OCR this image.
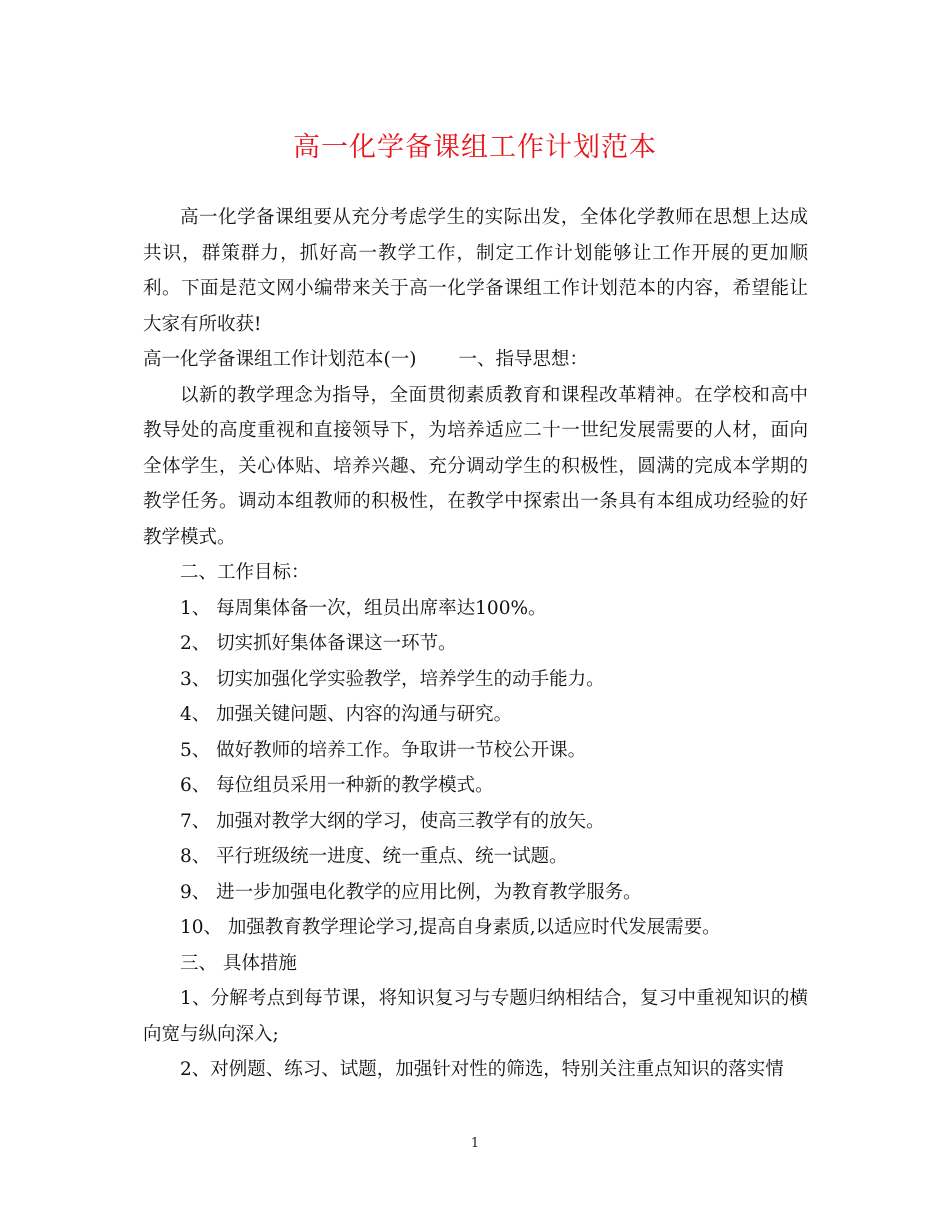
高一化学备课组工作计划范本

高一化学备课组要从充分考虑学生的实际出发，全体化学教师在思想上达成共识，群策群力，抓好高一教学工作，制定工作计划能够让工作开展的更加顺利。下面是范文网小编带来关于高一化学备课组工作计划范本的内容，希望能让大家有所收获!

高一化学备课组工作计划范本(一) 一、指导思想：

以新的教学理念为指导，全面贯彻素质教育和课程改革精神。在学校和高中教导处的高度重视和直接领导下，为培养适应二十一世纪发展需要的人材，面向全体学生，关心体贴、培养兴趣、充分调动学生的积极性，圆满的完成本学期的教学任务。调动本组教师的积极性，在教学中探索出一条具有本组成功经验的好教学模式。

二、工作目标：

1、 每周集体备一次，组员出席率达100%。

2、 切实抓好集体备课这一环节。

3、 切实加强化学实验教学，培养学生的动手能力。

4、 加强关键问题、内容的沟通与研究。

5、 做好教师的培养工作。争取讲一节校公开课。

6、 每位组员采用一种新的教学模式。

7、 加强对教学大纲的学习，使高三教学有的放矢。

8、 平行班级统一进度、统一重点、统一试题。

9、 进一步加强电化教学的应用比例，为教育教学服务。

10、 加强教育教学理论学习,提高自身素质,以适应时代发展需要。

三、 具体措施

1、分解考点到每节课，将知识复习与专题归纳相结合，复习中重视知识的横向宽与纵向深入;

2、对例题、练习、试题，加强针对性的筛选，特别关注重点知识的落实情

1
